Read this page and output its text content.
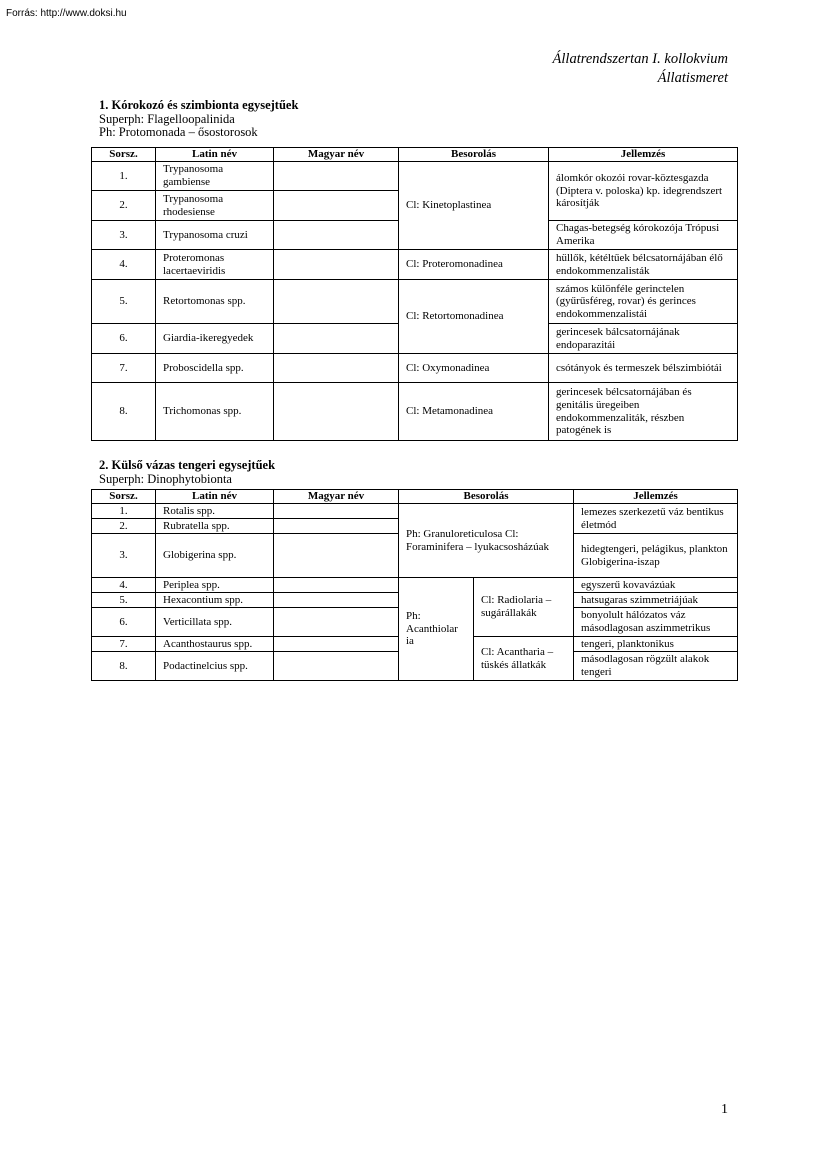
Forrás: http://www.doksi.hu
Állatrendszertan I. kollokvium
Állatismeret
1. Kórokozó és szimbionta egysejtűek
Superph: Flagelloopalinida
Ph: Protomonada – ősostorosok
Sorsz.	Latin név	Magyar név	Besorolás	Jellemzés
1.	Trypanosoma gambiense		Cl: Kinetoplastinea	álomkór okozói rovar-köztesgazda (Diptera v. poloska) kp. idegrendszert károsítják
2.	Trypanosoma rhodesiense			
3.	Trypanosoma cruzi			Chagas-betegség kórokozója Trópusi Amerika
4.	Proteromonas lacertaeviridis		Cl: Proteromonadinea	hüllők, kétéltűek bélcsatornájában élő endokommenzalisták
5.	Retortomonas spp.		Cl: Retortomonadinea	számos különféle gerinctelen (gyűrűsféreg, rovar) és gerinces endokommenzalistái
6.	Giardia-ikeregyedek			gerincesek bálcsatornájának endoparazitái
7.	Proboscidella spp.		Cl: Oxymonadinea	csótányok és termeszek bélszimbiótái
8.	Trichomonas spp.		Cl: Metamonadinea	gerincesek bélcsatornájában és genitális üregeiben endokommenzaliták, részben patogének is
2. Külső vázas tengeri egysejtűek
Superph: Dinophytobionta
Sorsz.	Latin név	Magyar név	Besorolás		Jellemzés
1.	Rotalis spp.		Ph: Granuloreticulosa Cl: Foraminifera – lyukacsosházúak		lemezes szerkezetű váz bentikus életmód
2.	Rubratella spp.				
3.	Globigerina spp.				hidegtengeri, pelágikus, plankton Globigerina-iszap
4.	Periplea spp.		Ph: Acanthiolar ia	Cl: Radiolaria – sugárállakák	egyszerű kovavázúak
5.	Hexacontium spp.				hatsugaras szimmetriájúak
6.	Verticillata spp.				bonyolult hálózatos váz másodlagosan aszimmetrikus
7.	Acanthostaurus spp.			Cl: Acantharia – tüskés állatkák	tengeri, planktonikus
8.	Podactinelcius spp.				másodlagosan rögzült alakok tengeri
1
